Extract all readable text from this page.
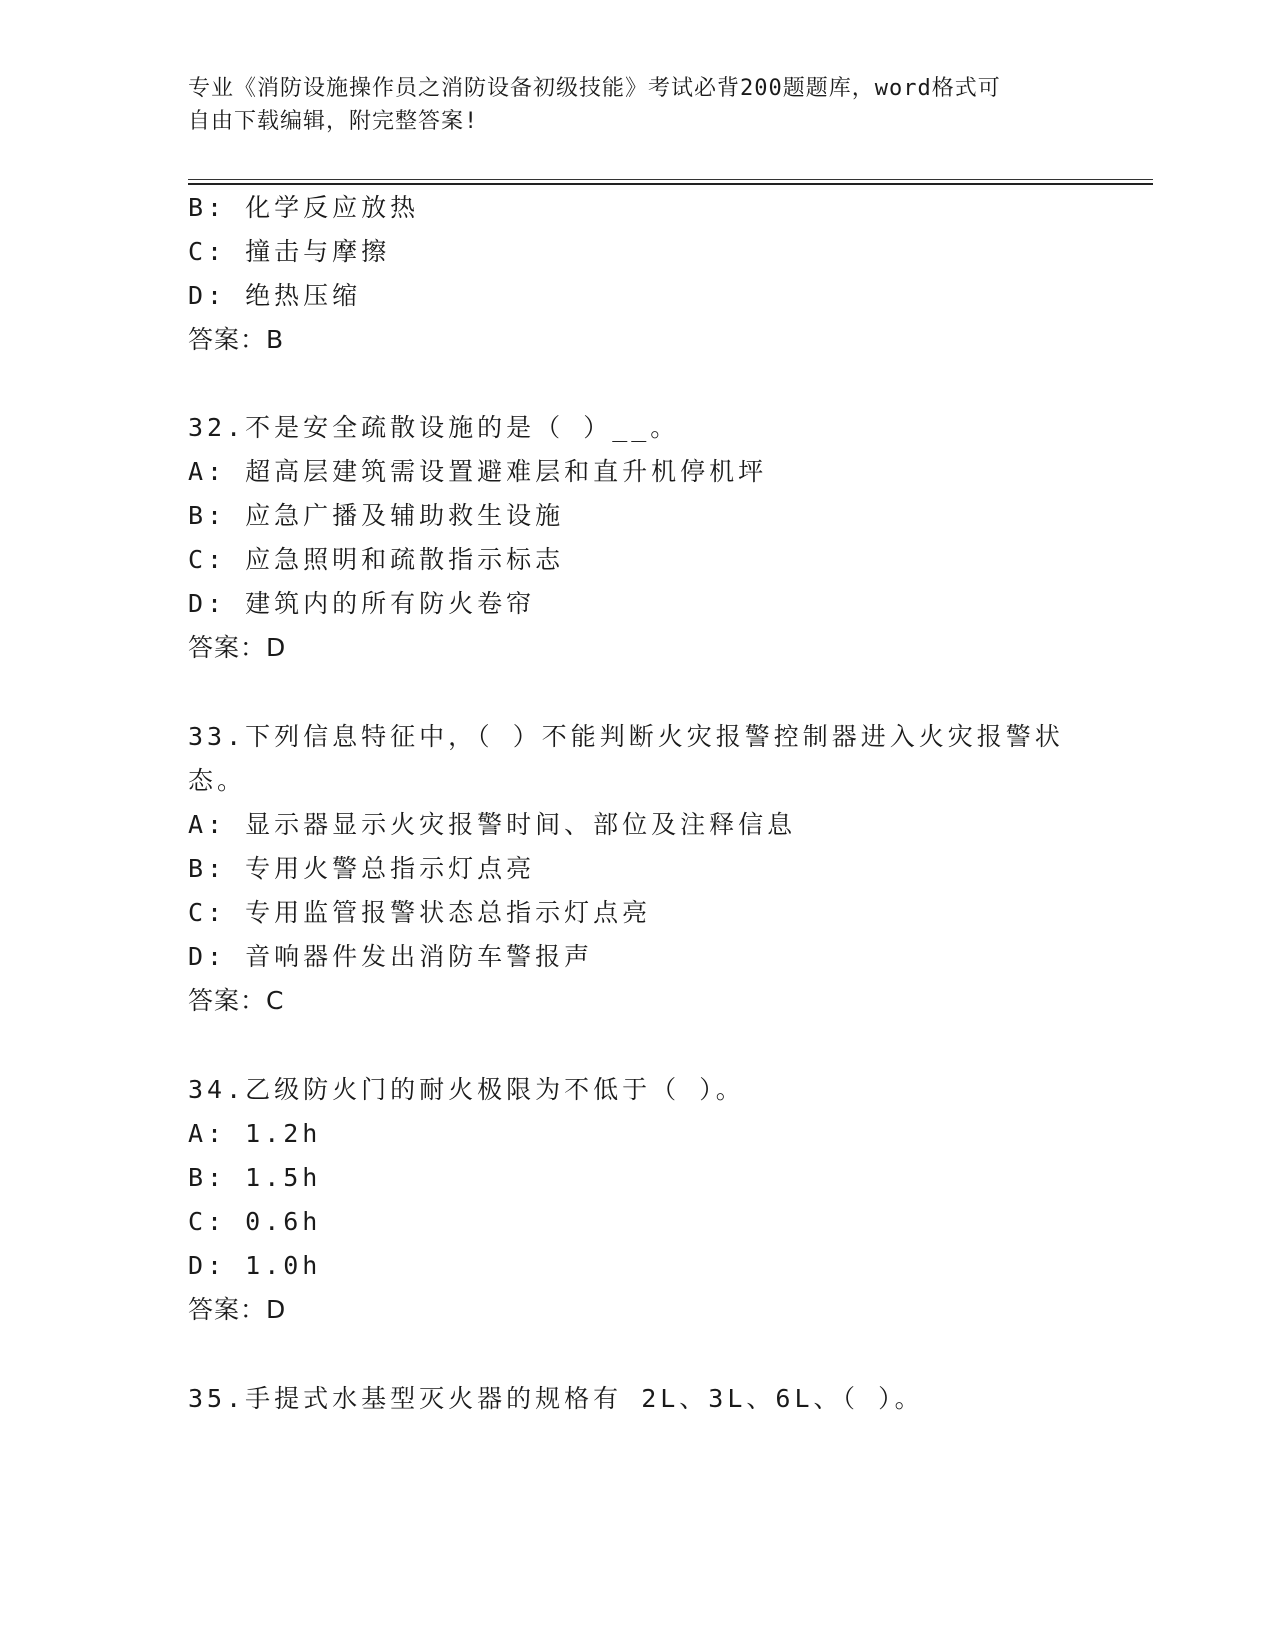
专业《消防设施操作员之消防设备初级技能》考试必背200题题库，word格式可
自由下载编辑，附完整答案!
B: 化学反应放热
C: 撞击与摩擦
D: 绝热压缩
答案：B
32.不是安全疏散设施的是（ ）__。
A: 超高层建筑需设置避难层和直升机停机坪
B: 应急广播及辅助救生设施
C: 应急照明和疏散指示标志
D: 建筑内的所有防火卷帘
答案：D
33.下列信息特征中，（ ）不能判断火灾报警控制器进入火灾报警状
态。
A: 显示器显示火灾报警时间、部位及注释信息
B: 专用火警总指示灯点亮
C: 专用监管报警状态总指示灯点亮
D: 音响器件发出消防车警报声
答案：C
34.乙级防火门的耐火极限为不低于（ ）。
A: 1.2h
B: 1.5h
C: 0.6h
D: 1.0h
答案：D
35.手提式水基型灭火器的规格有 2L、3L、6L、（ ）。
